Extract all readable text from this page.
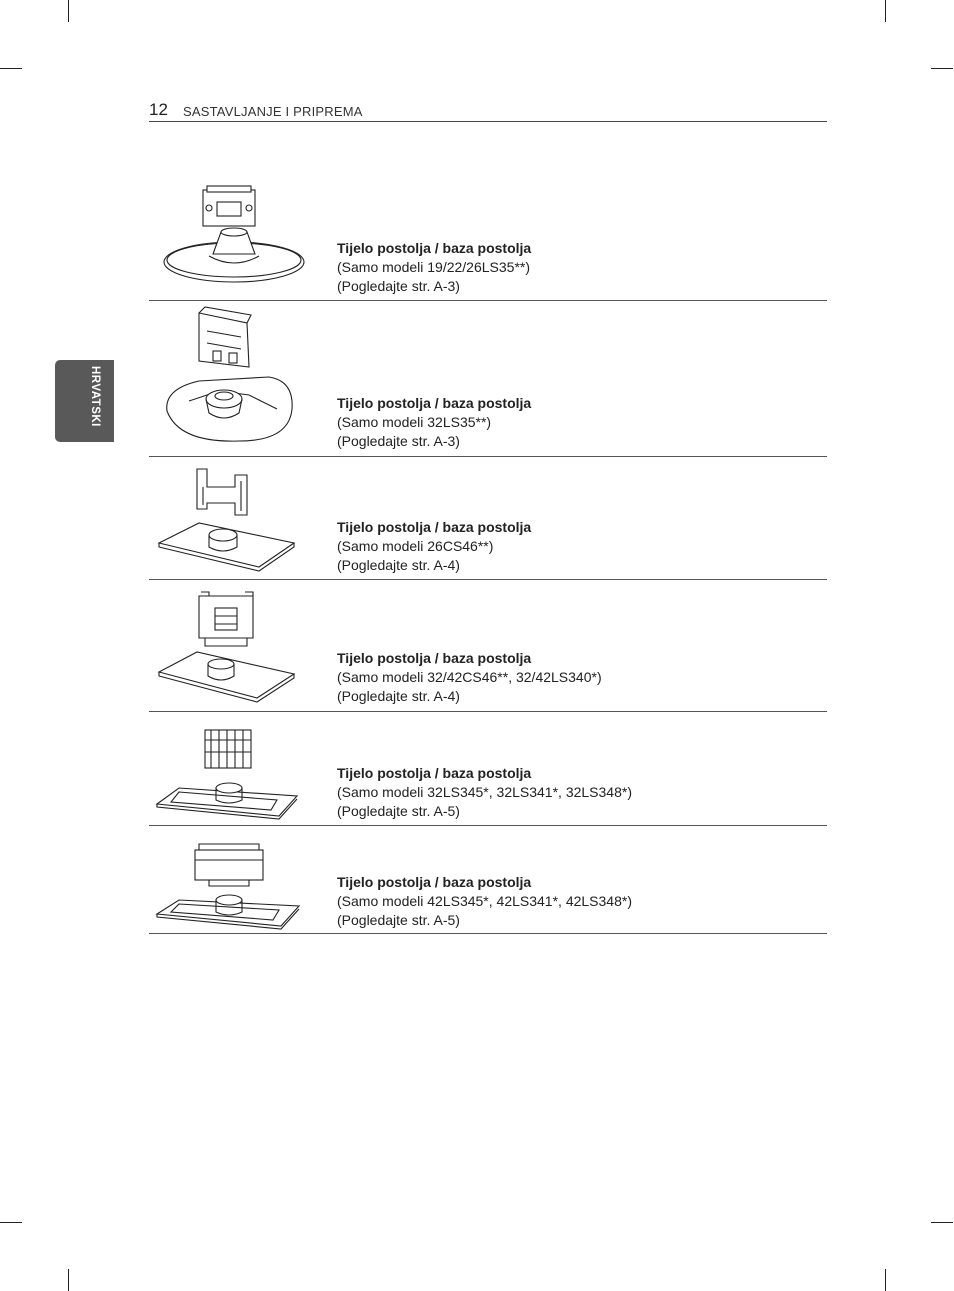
12 SASTAVLJANJE I PRIPREMA
HRVATSKI
Tijelo postolja / baza postolja
(Samo modeli 19/22/26LS35**)
(Pogledajte str. A-3)
Tijelo postolja / baza postolja
(Samo modeli 32LS35**)
(Pogledajte str. A-3)
Tijelo postolja / baza postolja
(Samo modeli 26CS46**)
(Pogledajte str. A-4)
Tijelo postolja / baza postolja
(Samo modeli 32/42CS46**, 32/42LS340*)
(Pogledajte str. A-4)
Tijelo postolja / baza postolja
(Samo modeli 32LS345*, 32LS341*, 32LS348*)
(Pogledajte str. A-5)
Tijelo postolja / baza postolja
(Samo modeli 42LS345*, 42LS341*, 42LS348*)
(Pogledajte str. A-5)
